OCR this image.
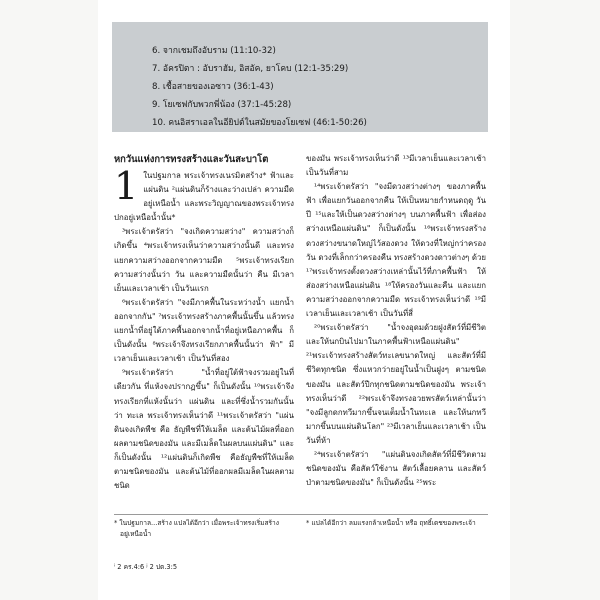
6. จากเชมถึงอับราม (11:10-32)
7. อัครปิตา : อับราฮัม, อิสอัค, ยาโคบ (12:1-35:29)
8. เชื้อสายของเอซาว (36:1-43)
9. โยเซฟกับพวกพี่น้อง (37:1-45:28)
10. คนอิสราเอลในอียิปต์ในสมัยของโยเซฟ (46:1-50:26)
หกวันแห่งการทรงสร้างและวันสะบาโต
1 ในปฐมกาล พระเจ้าทรงเนรมิตสร้าง* ฟ้าและแผ่นดิน ²แผ่นดินก็ร้างและว่างเปล่า ความมืดอยู่เหนือน้ำ และพระวิญญาณของพระเจ้าทรงปกอยู่เหนือน้ำนั้น*

³พระเจ้าตรัสว่า "จงเกิดความสว่าง" ความสว่างก็เกิดขึ้น ⁴พระเจ้าทรงเห็นว่าความสว่างนั้นดี และทรงแยกความสว่างออกจากความมืด ⁵พระเจ้าทรงเรียกความสว่างนั้นว่า วัน และความมืดนั้นว่า คืน มีเวลาเย็นและเวลาเช้า เป็นวันแรก

⁶พระเจ้าตรัสว่า "จงมีภาคพื้นในระหว่างน้ำ แยกน้ำออกจากกัน" ⁷พระเจ้าทรงสร้างภาคพื้นนั้นขึ้น แล้วทรงแยกน้ำที่อยู่ใต้ภาคพื้นออกจากน้ำที่อยู่เหนือภาคพื้น ก็เป็นดังนั้น ⁸พระเจ้าจึงทรงเรียกภาคพื้นนั้นว่า ฟ้า" มีเวลาเย็นและเวลาเช้า เป็นวันที่สอง

⁹พระเจ้าตรัสว่า "น้ำที่อยู่ใต้ฟ้าจงรวมอยู่ในที่เดียวกัน ที่แห้งจงปรากฏขึ้น" ก็เป็นดังนั้น ¹⁰พระเจ้าจึงทรงเรียกที่แห้งนั้นว่า แผ่นดิน และที่ซึ่งน้ำรวมกันนั้นว่า ทะเล พระเจ้าทรงเห็นว่าดี ¹¹พระเจ้าตรัสว่า "แผ่นดินจงเกิดพืช คือ ธัญพืชที่ให้เมล็ด และต้นไม้ผลที่ออกผลตามชนิดของมัน และมีเมล็ดในผลบนแผ่นดิน" และก็เป็นดังนั้น ¹²แผ่นดินก็เกิดพืช คือธัญพืชที่ให้เมล็ดตามชนิดของมัน และต้นไม้ที่ออกผลมีเมล็ดในผลตามชนิด

ของมัน พระเจ้าทรงเห็นว่าดี ¹³มีเวลาเย็นและเวลาเช้า เป็นวันที่สาม

¹⁴พระเจ้าตรัสว่า "จงมีดวงสว่างต่างๆ ของภาคพื้นฟ้า เพื่อแยกวันออกจากคืน ให้เป็นหมายกำหนดฤดู วัน ปี ¹⁵และให้เป็นดวงสว่างต่างๆ บนภาคพื้นฟ้า เพื่อส่องสว่างเหนือแผ่นดิน" ก็เป็นดังนั้น ¹⁶พระเจ้าทรงสร้างดวงสว่างขนาดใหญ่ไว้สองดวง ให้ดวงที่ใหญ่กว่าครองวัน ดวงที่เล็กกว่าครองคืน ทรงสร้างดวงดาวต่างๆ ด้วย ¹⁷พระเจ้าทรงตั้งดวงสว่างเหล่านั้นไว้ที่ภาคพื้นฟ้า ให้ส่องสว่างเหนือแผ่นดิน ¹⁸ให้ครองวันและคืน และแยกความสว่างออกจากความมืด พระเจ้าทรงเห็นว่าดี ¹⁹มีเวลาเย็นและเวลาเช้า เป็นวันที่สี่

²⁰พระเจ้าตรัสว่า "น้ำจงอุดมด้วยฝูงสัตว์ที่มีชีวิต และให้นกบินไปมาในภาคพื้นฟ้าเหนือแผ่นดิน" ²¹พระเจ้าทรงสร้างสัตว์ทะเลขนาดใหญ่ และสัตว์ที่มีชีวิตทุกชนิด ซึ่งแหวกว่ายอยู่ในน้ำเป็นฝูงๆ ตามชนิดของมัน และสัตว์ปีกทุกชนิดตามชนิดของมัน พระเจ้าทรงเห็นว่าดี ²²พระเจ้าจึงทรงอวยพรสัตว์เหล่านั้นว่า "จงมีลูกดกทวีมากขึ้นจนเต็มน้ำในทะเล และให้นกทวีมากขึ้นบนแผ่นดินโลก" ²³มีเวลาเย็นและเวลาเช้า เป็นวันที่ห้า

²⁴พระเจ้าตรัสว่า "แผ่นดินจงเกิดสัตว์ที่มีชีวิตตามชนิดของมัน คือสัตว์ใช้งาน สัตว์เลื้อยคลาน และสัตว์ป่าตามชนิดของมัน" ก็เป็นดังนั้น ²⁵พระ

* ในปฐมกาล...สร้าง แปลได้อีกว่า เมื่อพระเจ้าทรงเริ่มสร้าง
อยู่เหนือน้ำ
* แปลได้อีกว่า ลมแรงกล้าเหนือน้ำ หรือ ฤทธิ์เดชของพระเจ้า
ⁱ 2 คร.4:6 ʲ 2 ปต.3:5
